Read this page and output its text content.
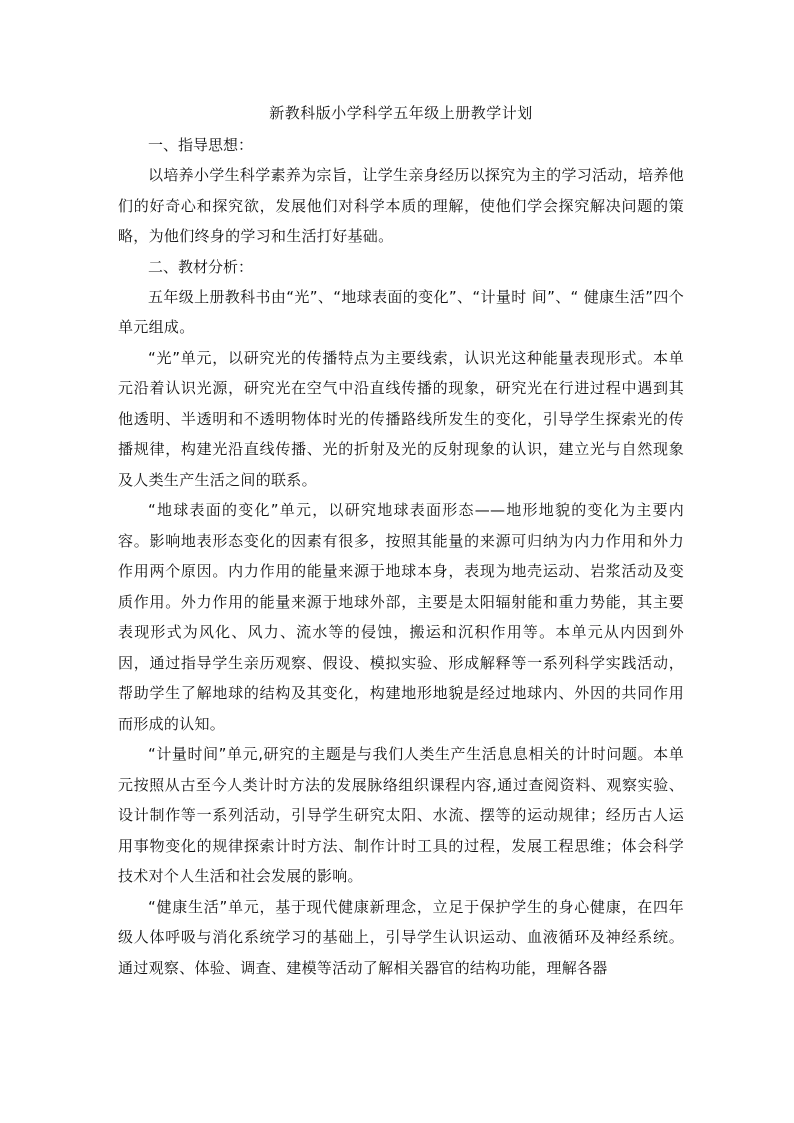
新教科版小学科学五年级上册教学计划

一、指导思想：

以培养小学生科学素养为宗旨，让学生亲身经历以探究为主的学习活动，培养他们的好奇心和探究欲，发展他们对科学本质的理解，使他们学会探究解决问题的策略，为他们终身的学习和生活打好基础。

二、教材分析：

五年级上册教科书由“光”、“地球表面的变化”、“计量时 间”、“ 健康生活”四个单元组成。

“光”单元，以研究光的传播特点为主要线索，认识光这种能量表现形式。本单元沿着认识光源，研究光在空气中沿直线传播的现象，研究光在行进过程中遇到其他透明、半透明和不透明物体时光的传播路线所发生的变化，引导学生探索光的传播规律，构建光沿直线传播、光的折射及光的反射现象的认识，建立光与自然现象及人类生产生活之间的联系。

“地球表面的变化”单元，以研究地球表面形态——地形地貌的变化为主要内容。影响地表形态变化的因素有很多，按照其能量的来源可归纳为内力作用和外力作用两个原因。内力作用的能量来源于地球本身，表现为地壳运动、岩浆活动及变质作用。外力作用的能量来源于地球外部，主要是太阳辐射能和重力势能，其主要表现形式为风化、风力、流水等的侵蚀，搬运和沉积作用等。本单元从内因到外因，通过指导学生亲历观察、假设、模拟实验、形成解释等一系列科学实践活动，帮助学生了解地球的结构及其变化，构建地形地貌是经过地球内、外因的共同作用而形成的认知。

“计量时间”单元,研究的主题是与我们人类生产生活息息相关的计时问题。本单元按照从古至今人类计时方法的发展脉络组织课程内容,通过查阅资料、观察实验、设计制作等一系列活动，引导学生研究太阳、水流、摆等的运动规律；经历古人运用事物变化的规律探索计时方法、制作计时工具的过程，发展工程思维；体会科学技术对个人生活和社会发展的影响。

“健康生活”单元，基于现代健康新理念，立足于保护学生的身心健康，在四年级人体呼吸与消化系统学习的基础上，引导学生认识运动、血液循环及神经系统。通过观察、体验、调查、建模等活动了解相关器官的结构功能，理解各器
